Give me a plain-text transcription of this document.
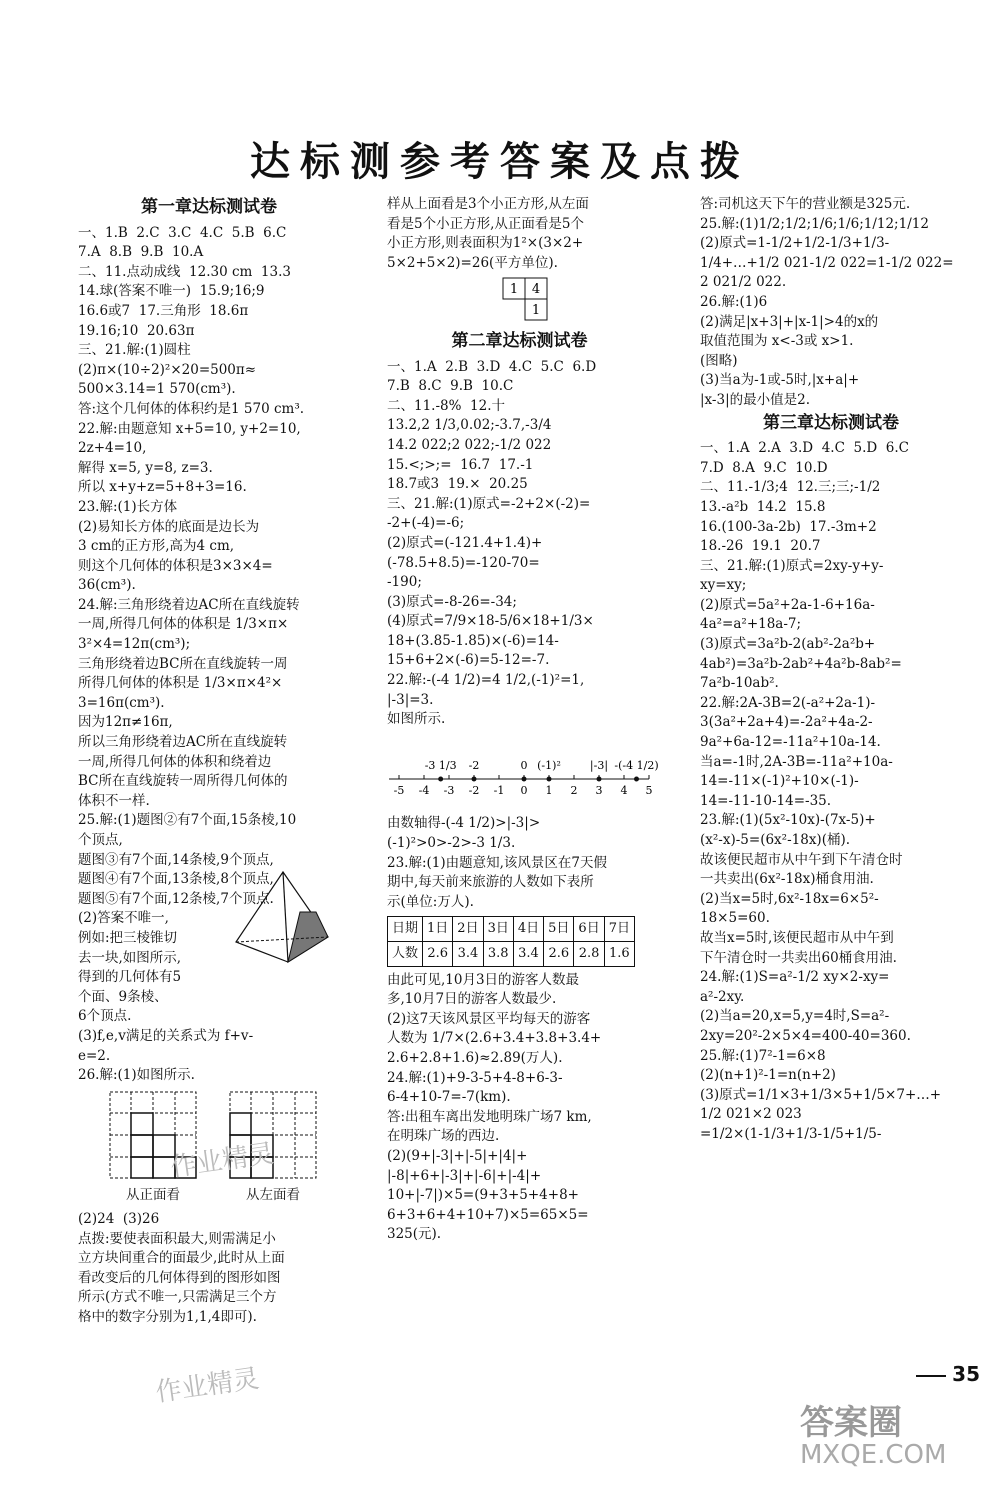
达标测参考答案及点拨
第一章达标测试卷
一、1.B  2.C  3.C  4.C  5.B  6.C
7.A  8.B  9.B  10.A
二、11.点动成线  12.30 cm  13.3
14.球(答案不唯一)  15.9;16;9
16.6或7  17.三角形  18.6π
19.16;10  20.63π
三、21.解:(1)圆柱
(2)π×(10÷2)²×20=500π≈
500×3.14=1 570(cm³).
答:这个几何体的体积约是1 570 cm³.
22.解:由题意知 x+5=10, y+2=10,
2z+4=10,
解得 x=5, y=8, z=3.
所以 x+y+z=5+8+3=16.
23.解:(1)长方体
(2)易知长方体的底面是边长为
3 cm的正方形,高为4 cm,
则这个几何体的体积是3×3×4=
36(cm³).
24.解:三角形绕着边AC所在直线旋转
一周,所得几何体的体积是 1/3×π×
3²×4=12π(cm³);
三角形绕着边BC所在直线旋转一周
所得几何体的体积是 1/3×π×4²×
3=16π(cm³).
因为12π≠16π,
所以三角形绕着边AC所在直线旋转
一周,所得几何体的体积和绕着边
BC所在直线旋转一周所得几何体的
体积不一样.
25.解:(1)题图②有7个面,15条棱,10
个顶点,
题图③有7个面,14条棱,9个顶点,
题图④有7个面,13条棱,8个顶点,
题图⑤有7个面,12条棱,7个顶点.
(2)答案不唯一,
例如:把三棱锥切
去一块,如图所示,
得到的几何体有5
个面、9条棱、
6个顶点.
(3)f,e,v满足的关系式为 f+v-
e=2.
26.解:(1)如图所示.
从正面看	从左面看
(2)24  (3)26
点拨:要使表面积最大,则需满足小
立方块间重合的面最少,此时从上面
看改变后的几何体得到的图形如图
所示(方式不唯一,只需满足三个方
格中的数字分别为1,1,4即可).
样从上面看是3个小正方形,从左面
看是5个小正方形,从正面看是5个
小正方形,则表面积为1²×(3×2+
5×2+5×2)=26(平方单位).
1 4
1
第二章达标测试卷
一、1.A  2.B  3.D  4.C  5.C  6.D
7.B  8.C  9.B  10.C
二、11.-8%  12.十
13.2,2 1/3,0.02;-3.7,-3/4
14.2 022;2 022;-1/2 022
15.<;>;=  16.7  17.-1
18.7或3  19.×  20.25
三、21.解:(1)原式=-2+2×(-2)=
-2+(-4)=-6;
(2)原式=(-121.4+1.4)+
(-78.5+8.5)=-120-70=
-190;
(3)原式=-8-26=-34;
(4)原式=7/9×18-5/6×18+1/3×
18+(3.85-1.85)×(-6)=14-
15+6+2×(-6)=5-12=-7.
22.解:-(-4 1/2)=4 1/2,(-1)²=1,
|-3|=3.
如图所示.
-5 -4 -3 -2 -1 0 1 2 3 4 5
-3 1/3 -2	0 (-1)²	|-3| -(-4 1/2)
由数轴得-(-4 1/2)>|-3|>
(-1)²>0>-2>-3 1/3.
23.解:(1)由题意知,该风景区在7天假
期中,每天前来旅游的人数如下表所
示(单位:万人).
日期	1日	2日	3日	4日	5日	6日	7日
人数	2.6	3.4	3.8	3.4	2.6	2.8	1.6
由此可见,10月3日的游客人数最
多,10月7日的游客人数最少.
(2)这7天该风景区平均每天的游客
人数为 1/7×(2.6+3.4+3.8+3.4+
2.6+2.8+1.6)≈2.89(万人).
24.解:(1)+9-3-5+4-8+6-3-
6-4+10-7=-7(km).
答:出租车离出发地明珠广场7 km,
在明珠广场的西边.
(2)(9+|-3|+|-5|+|4|+
|-8|+6+|-3|+|-6|+|-4|+
10+|-7|)×5=(9+3+5+4+8+
6+3+6+4+10+7)×5=65×5=
325(元).
答:司机这天下午的营业额是325元.
25.解:(1)1/2;1/2;1/6;1/6;1/12;1/12
(2)原式=1-1/2+1/2-1/3+1/3-
1/4+…+1/2 021-1/2 022=1-1/2 022=
2 021/2 022.
26.解:(1)6
(2)满足|x+3|+|x-1|>4的x的
取值范围为 x<-3或 x>1.
(图略)
(3)当a为-1或-5时,|x+a|+
|x-3|的最小值是2.
第三章达标测试卷
一、1.A  2.A  3.D  4.C  5.D  6.C
7.D  8.A  9.C  10.D
二、11.-1/3;4  12.三;三;-1/2
13.-a²b  14.2  15.8
16.(100-3a-2b)  17.-3m+2
18.-26  19.1  20.7
三、21.解:(1)原式=2xy-y+y-
xy=xy;
(2)原式=5a²+2a-1-6+16a-
4a²=a²+18a-7;
(3)原式=3a²b-2(ab²-2a²b+
4ab²)=3a²b-2ab²+4a²b-8ab²=
7a²b-10ab².
22.解:2A-3B=2(-a²+2a-1)-
3(3a²+2a+4)=-2a²+4a-2-
9a²+6a-12=-11a²+10a-14.
当a=-1时,2A-3B=-11a²+10a-
14=-11×(-1)²+10×(-1)-
14=-11-10-14=-35.
23.解:(1)(5x²-10x)-(7x-5)+
(x²-x)-5=(6x²-18x)(桶).
故该便民超市从中午到下午清仓时
一共卖出(6x²-18x)桶食用油.
(2)当x=5时,6x²-18x=6×5²-
18×5=60.
故当x=5时,该便民超市从中午到
下午清仓时一共卖出60桶食用油.
24.解:(1)S=a²-1/2 xy×2-xy=
a²-2xy.
(2)当a=20,x=5,y=4时,S=a²-
2xy=20²-2×5×4=400-40=360.
25.解:(1)7²-1=6×8
(2)(n+1)²-1=n(n+2)
(3)原式=1/1×3+1/3×5+1/5×7+…+
1/2 021×2 023
=1/2×(1-1/3+1/3-1/5+1/5-
35
作业精灵
作业精灵
答案圈
MXQE.COM
